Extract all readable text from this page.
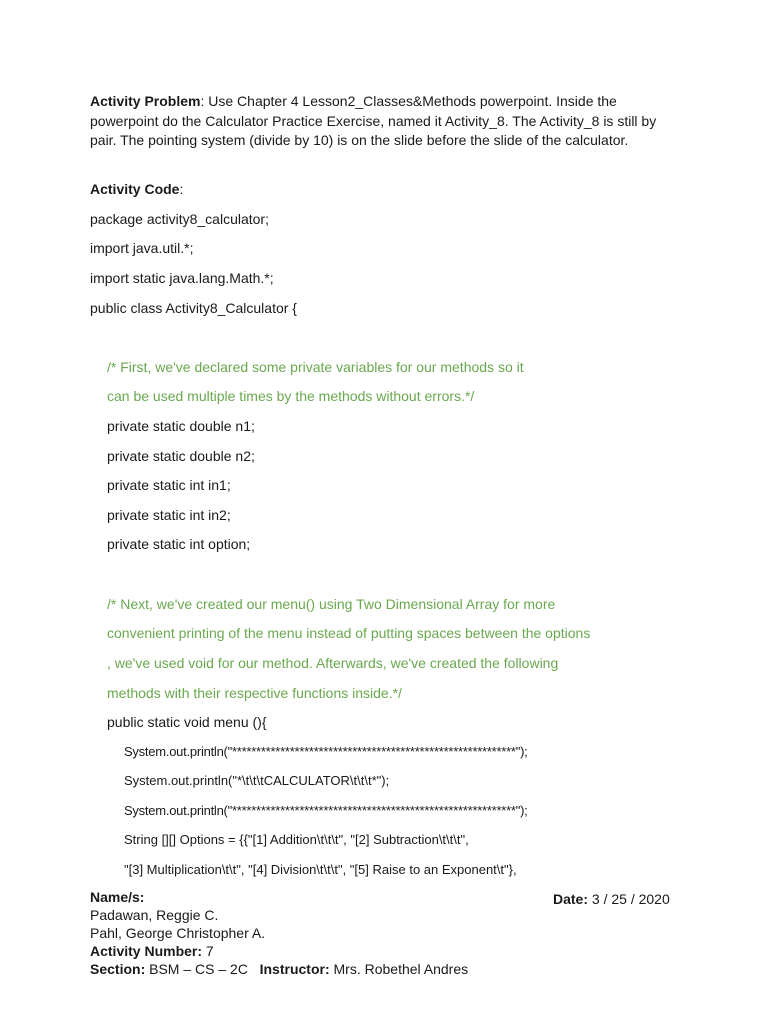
Activity Problem: Use Chapter 4 Lesson2_Classes&Methods powerpoint. Inside the powerpoint do the Calculator Practice Exercise, named it Activity_8. The Activity_8 is still by pair. The pointing system (divide by 10) is on the slide before the slide of the calculator.

Activity Code:
package activity8_calculator;
import java.util.*;
import static java.lang.Math.*;
public class Activity8_Calculator {
/* First, we've declared some private variables for our methods so it
can be used multiple times by the methods without errors.*/
private static double n1;
private static double n2;
private static int in1;
private static int in2;
private static int option;
/* Next, we've created our menu() using Two Dimensional Array for more
convenient printing of the menu instead of putting spaces between the options
, we've used void for our method. Afterwards, we've created the following
methods with their respective functions inside.*/
public static void menu (){
System.out.println("***********************************************************");
System.out.println("*\t\t\tCALCULATOR\t\t\t*");
System.out.println("***********************************************************");
String [][] Options = {{"[1] Addition\t\t\t", "[2] Subtraction\t\t\t",
"[3] Multiplication\t\t", "[4] Division\t\t\t", "[5] Raise to an Exponent\t"},
Name/s:	Date: 3 / 25 / 2020
Padawan, Reggie C.
Pahl, George Christopher A.
Activity Number: 7
Section: BSM – CS – 2C   Instructor: Mrs. Robethel Andres
